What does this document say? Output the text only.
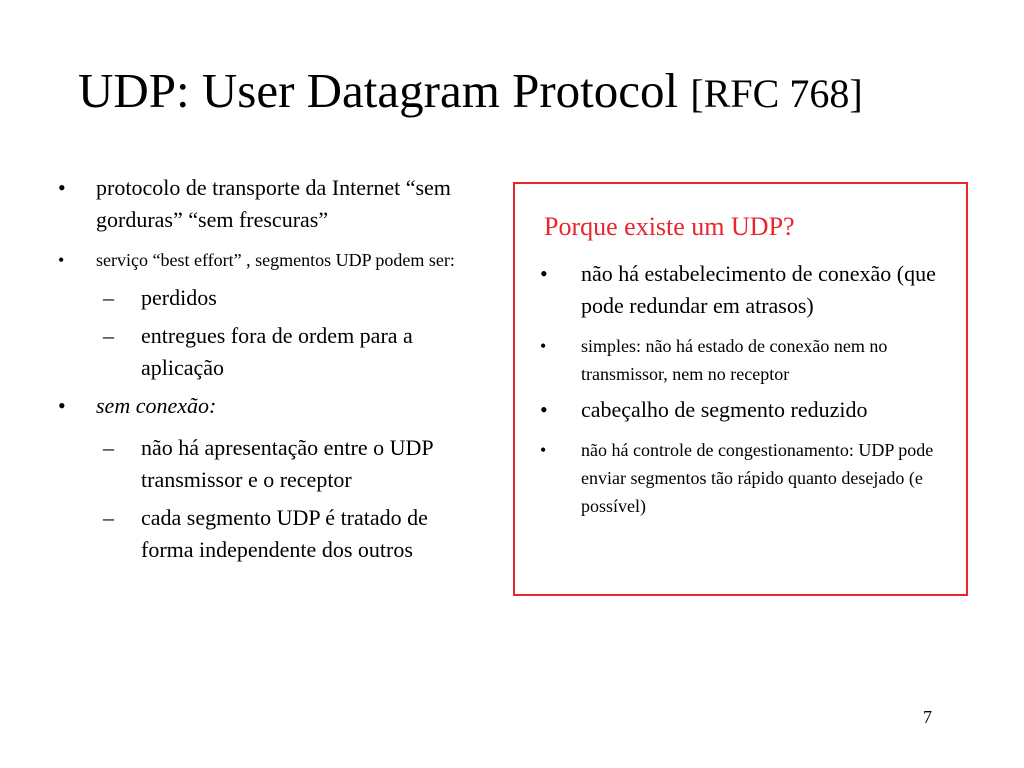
UDP: User Datagram Protocol [RFC 768]
• protocolo de transporte da Internet “sem gorduras” “sem frescuras”
• serviço “best effort” , segmentos UDP podem ser:
– perdidos
– entregues fora de ordem para a aplicação
• sem conexão:
– não há apresentação entre o UDP transmissor e o receptor
– cada segmento UDP é tratado de forma independente dos outros
Porque existe um UDP?
• não há estabelecimento de conexão (que pode redundar em atrasos)
• simples: não há estado de conexão nem no transmissor, nem no receptor
• cabeçalho de segmento reduzido
• não há controle de congestionamento: UDP pode enviar segmentos tão rápido quanto desejado (e possível)
7
